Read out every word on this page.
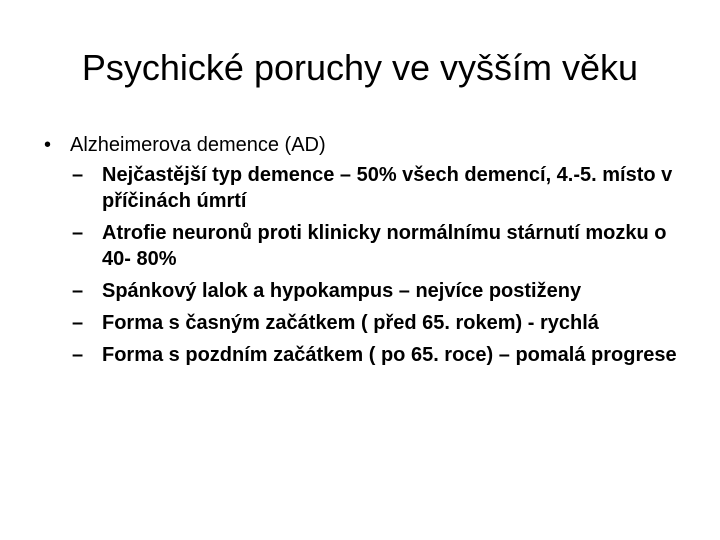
Psychické poruchy ve vyšším věku
• Alzheimerova demence (AD)
– Nejčastější typ demence – 50% všech demencí, 4.-5. místo v příčinách úmrtí
– Atrofie neuronů proti klinicky normálnímu stárnutí mozku o 40- 80%
– Spánkový lalok a hypokampus – nejvíce postiženy
– Forma s časným začátkem ( před 65. rokem) - rychlá
– Forma s pozdním začátkem ( po 65. roce) – pomalá progrese
